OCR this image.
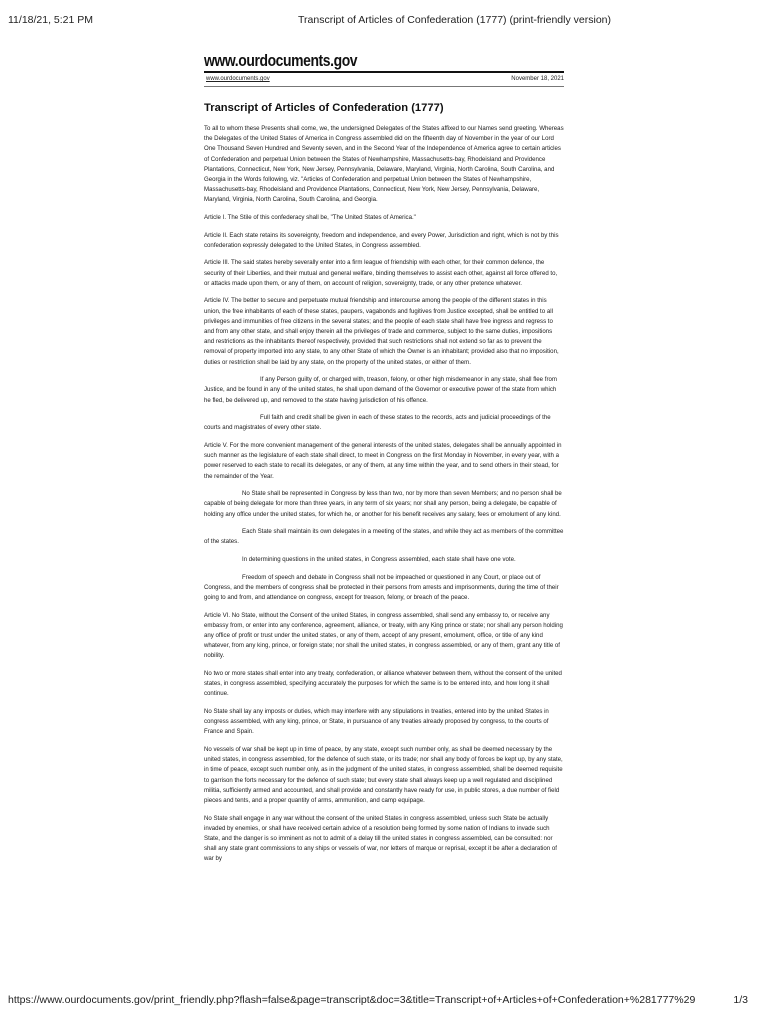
11/18/21, 5:21 PM	Transcript of Articles of Confederation (1777) (print-friendly version)
www.ourdocuments.gov
www.ourdocuments.gov	November 18, 2021
Transcript of Articles of Confederation (1777)

To all to whom these Presents shall come, we, the undersigned Delegates of the States affixed to our Names send greeting. Whereas the Delegates of the United States of America in Congress assembled did on the fifteenth day of November in the year of our Lord One Thousand Seven Hundred and Seventy seven, and in the Second Year of the Independence of America agree to certain articles of Confederation and perpetual Union between the States of Newhampshire, Massachusetts-bay, Rhodeisland and Providence Plantations, Connecticut, New York, New Jersey, Pennsylvania, Delaware, Maryland, Virginia, North Carolina, South Carolina, and Georgia in the Words following, viz. "Articles of Confederation and perpetual Union between the States of Newhampshire, Massachusetts-bay, Rhodeisland and Providence Plantations, Connecticut, New York, New Jersey, Pennsylvania, Delaware, Maryland, Virginia, North Carolina, South Carolina, and Georgia.

Article I. The Stile of this confederacy shall be, "The United States of America."

Article II. Each state retains its sovereignty, freedom and independence, and every Power, Jurisdiction and right, which is not by this confederation expressly delegated to the United States, in Congress assembled.

Article III. The said states hereby severally enter into a firm league of friendship with each other, for their common defence, the security of their Liberties, and their mutual and general welfare, binding themselves to assist each other, against all force offered to, or attacks made upon them, or any of them, on account of religion, sovereignty, trade, or any other pretence whatever.

Article IV. The better to secure and perpetuate mutual friendship and intercourse among the people of the different states in this union, the free inhabitants of each of these states, paupers, vagabonds and fugitives from Justice excepted, shall be entitled to all privileges and immunities of free citizens in the several states; and the people of each state shall have free ingress and regress to and from any other state, and shall enjoy therein all the privileges of trade and commerce, subject to the same duties, impositions and restrictions as the inhabitants thereof respectively, provided that such restrictions shall not extend so far as to prevent the removal of property imported into any state, to any other State of which the Owner is an inhabitant; provided also that no imposition, duties or restriction shall be laid by any state, on the property of the united states, or either of them.

If any Person guilty of, or charged with, treason, felony, or other high misdemeanor in any state, shall flee from Justice, and be found in any of the united states, he shall upon demand of the Governor or executive power of the state from which he fled, be delivered up, and removed to the state having jurisdiction of his offence.

Full faith and credit shall be given in each of these states to the records, acts and judicial proceedings of the courts and magistrates of every other state.

Article V. For the more convenient management of the general interests of the united states, delegates shall be annually appointed in such manner as the legislature of each state shall direct, to meet in Congress on the first Monday in November, in every year, with a power reserved to each state to recall its delegates, or any of them, at any time within the year, and to send others in their stead, for the remainder of the Year.

No State shall be represented in Congress by less than two, nor by more than seven Members; and no person shall be capable of being delegate for more than three years, in any term of six years; nor shall any person, being a delegate, be capable of holding any office under the united states, for which he, or another for his benefit receives any salary, fees or emolument of any kind.

Each State shall maintain its own delegates in a meeting of the states, and while they act as members of the committee of the states.

In determining questions in the united states, in Congress assembled, each state shall have one vote.

Freedom of speech and debate in Congress shall not be impeached or questioned in any Court, or place out of Congress, and the members of congress shall be protected in their persons from arrests and imprisonments, during the time of their going to and from, and attendance on congress, except for treason, felony, or breach of the peace.

Article VI. No State, without the Consent of the united States, in congress assembled, shall send any embassy to, or receive any embassy from, or enter into any conference, agreement, alliance, or treaty, with any King prince or state; nor shall any person holding any office of profit or trust under the united states, or any of them, accept of any present, emolument, office, or title of any kind whatever, from any king, prince, or foreign state; nor shall the united states, in congress assembled, or any of them, grant any title of nobility.

No two or more states shall enter into any treaty, confederation, or alliance whatever between them, without the consent of the united states, in congress assembled, specifying accurately the purposes for which the same is to be entered into, and how long it shall continue.

No State shall lay any imposts or duties, which may interfere with any stipulations in treaties, entered into by the united States in congress assembled, with any king, prince, or State, in pursuance of any treaties already proposed by congress, to the courts of France and Spain.

No vessels of war shall be kept up in time of peace, by any state, except such number only, as shall be deemed necessary by the united states, in congress assembled, for the defence of such state, or its trade; nor shall any body of forces be kept up, by any state, in time of peace, except such number only, as in the judgment of the united states, in congress assembled, shall be deemed requisite to garrison the forts necessary for the defence of such state; but every state shall always keep up a well regulated and disciplined militia, sufficiently armed and accounted, and shall provide and constantly have ready for use, in public stores, a due number of field pieces and tents, and a proper quantity of arms, ammunition, and camp equipage.

No State shall engage in any war without the consent of the united States in congress assembled, unless such State be actually invaded by enemies, or shall have received certain advice of a resolution being formed by some nation of Indians to invade such State, and the danger is so imminent as not to admit of a delay till the united states in congress assembled, can be consulted: nor shall any state grant commissions to any ships or vessels of war, nor letters of marque or reprisal, except it be after a declaration of war by

https://www.ourdocuments.gov/print_friendly.php?flash=false&page=transcript&doc=3&title=Transcript+of+Articles+of+Confederation+%281777%29	1/3
